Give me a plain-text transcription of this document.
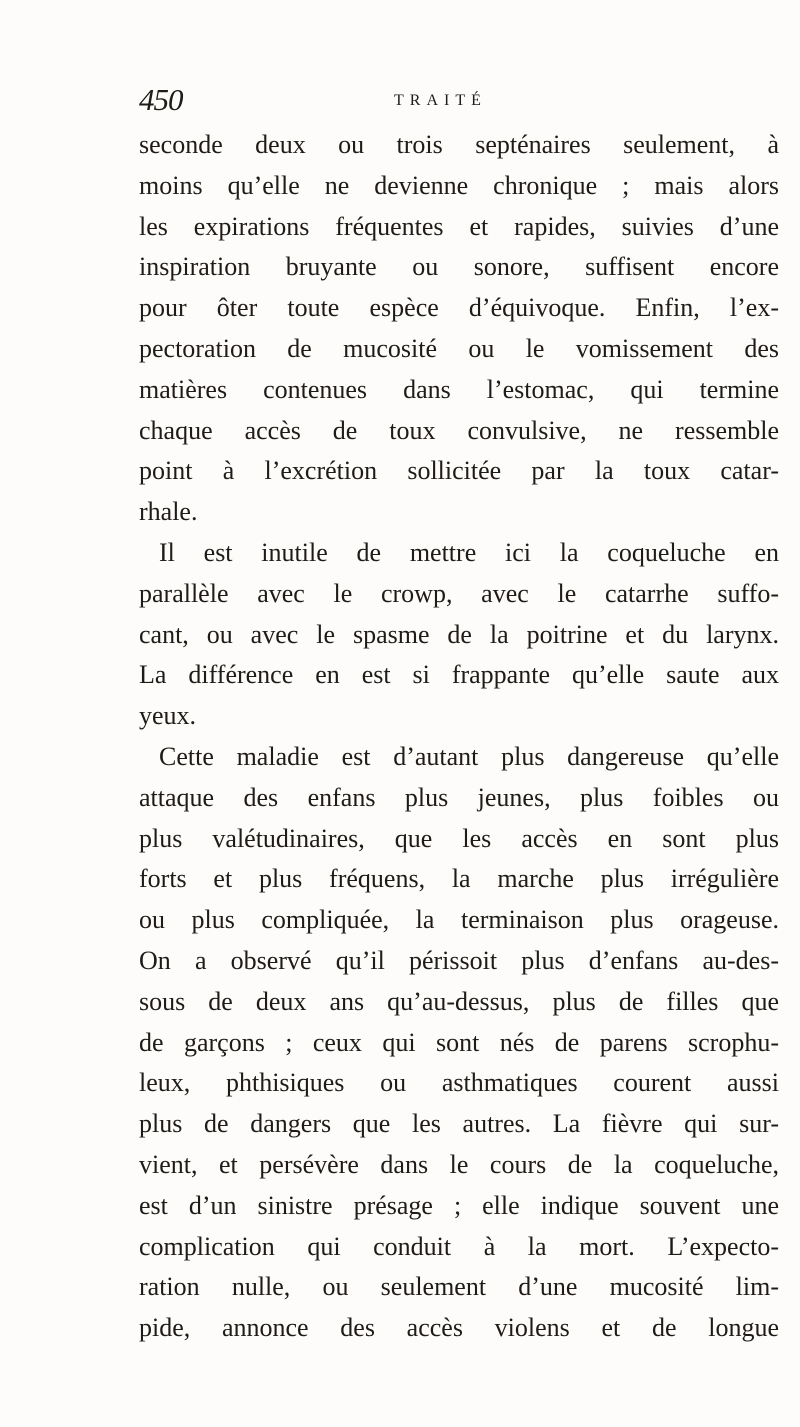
450	TRAITÉ
seconde deux ou trois septénaires seulement, à
moins qu’elle ne devienne chronique ; mais alors
les expirations fréquentes et rapides, suivies d’une
inspiration bruyante ou sonore, suffisent encore
pour ôter toute espèce d’équivoque. Enfin, l’ex-
pectoration de mucosité ou le vomissement des
matières contenues dans l’estomac, qui termine
chaque accès de toux convulsive, ne ressemble
point à l’excrétion sollicitée par la toux catar-
rhale.
Il est inutile de mettre ici la coqueluche en
parallèle avec le crowp, avec le catarrhe suffo-
cant, ou avec le spasme de la poitrine et du larynx.
La différence en est si frappante qu’elle saute aux
yeux.
Cette maladie est d’autant plus dangereuse qu’elle
attaque des enfans plus jeunes, plus foibles ou
plus valétudinaires, que les accès en sont plus
forts et plus fréquens, la marche plus irrégulière
ou plus compliquée, la terminaison plus orageuse.
On a observé qu’il périssoit plus d’enfans au-des-
sous de deux ans qu’au-dessus, plus de filles que
de garçons ; ceux qui sont nés de parens scrophu-
leux, phthisiques ou asthmatiques courent aussi
plus de dangers que les autres. La fièvre qui sur-
vient, et persévère dans le cours de la coqueluche,
est d’un sinistre présage ; elle indique souvent une
complication qui conduit à la mort. L’expecto-
ration nulle, ou seulement d’une mucosité lim-
pide, annonce des accès violens et de longue
